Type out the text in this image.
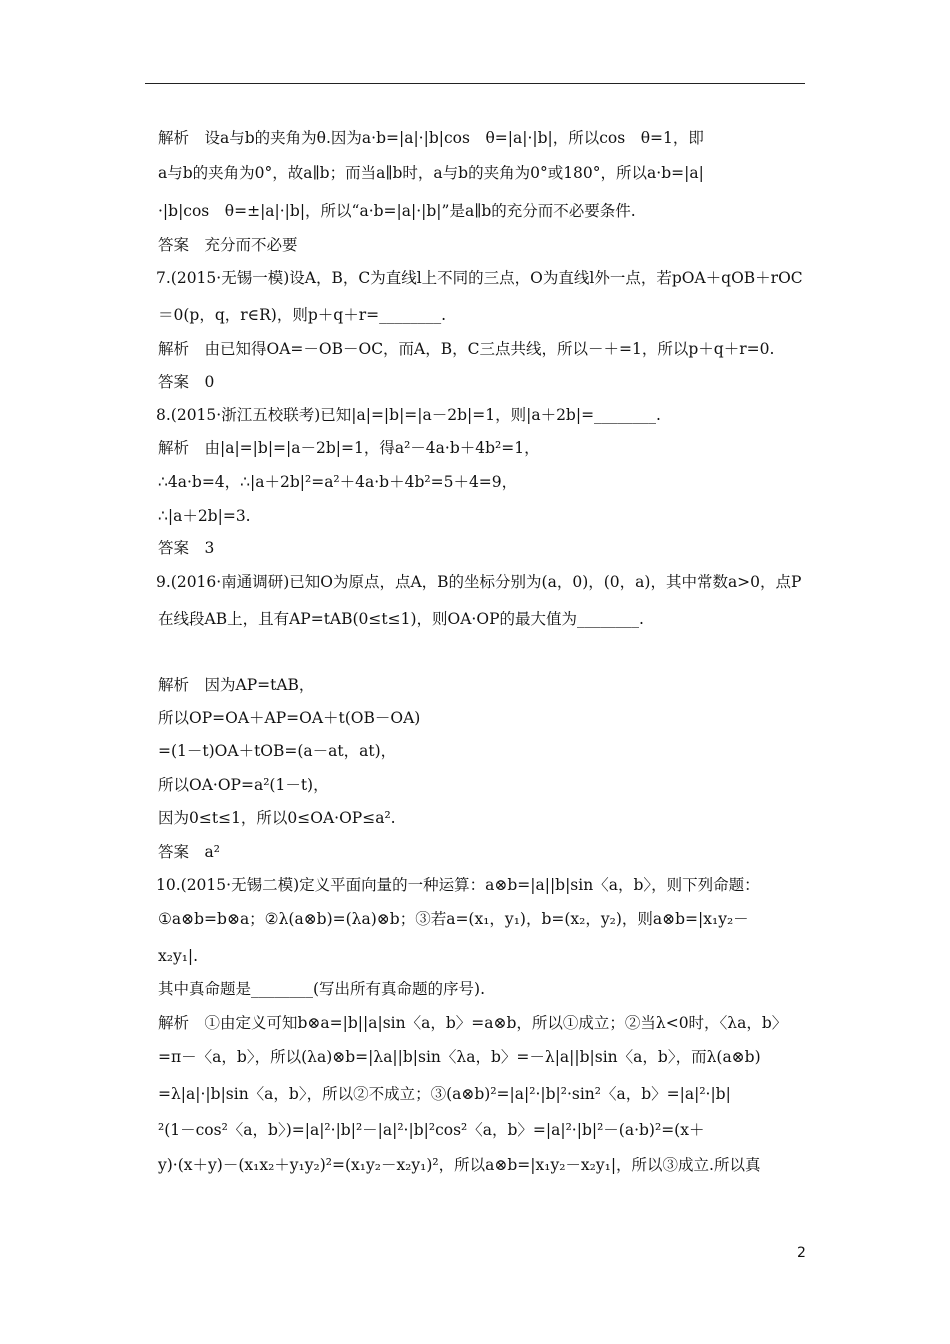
解析　设a与b的夹角为θ.因为a·b=|a|·|b|cos　θ=|a|·|b|，所以cos　θ=1，即
a与b的夹角为0°，故a∥b；而当a∥b时，a与b的夹角为0°或180°，所以a·b=|a|
·|b|cos　θ=±|a|·|b|，所以“a·b=|a|·|b|”是a∥b的充分而不必要条件.
答案　充分而不必要
7.(2015·无锡一模)设A，B，C为直线l上不同的三点，O为直线l外一点，若pOA＋qOB＋rOC
＝0(p，q，r∈R)，则p＋q＋r=________.
解析　由已知得OA=－OB－OC，而A，B，C三点共线，所以－＋=1，所以p＋q＋r=0.
答案　0
8.(2015·浙江五校联考)已知|a|=|b|=|a－2b|=1，则|a＋2b|=________.
解析　由|a|=|b|=|a－2b|=1，得a²－4a·b＋4b²=1，
∴4a·b=4，∴|a＋2b|²=a²＋4a·b＋4b²=5＋4=9，
∴|a＋2b|=3.
答案　3
9.(2016·南通调研)已知O为原点，点A，B的坐标分别为(a，0)，(0，a)，其中常数a>0，点P
在线段AB上，且有AP=tAB(0≤t≤1)，则OA·OP的最大值为________.
解析　因为AP=tAB，
所以OP=OA＋AP=OA＋t(OB－OA)
=(1－t)OA＋tOB=(a－at，at)，
所以OA·OP=a²(1－t)，
因为0≤t≤1，所以0≤OA·OP≤a².
答案　a²
10.(2015·无锡二模)定义平面向量的一种运算：a⊗b=|a||b|sin〈a，b〉，则下列命题：
①a⊗b=b⊗a；②λ(a⊗b)=(λa)⊗b；③若a=(x₁，y₁)，b=(x₂，y₂)，则a⊗b=|x₁y₂－
x₂y₁|.
其中真命题是________(写出所有真命题的序号).
解析　①由定义可知b⊗a=|b||a|sin〈a，b〉=a⊗b，所以①成立；②当λ<0时，〈λa，b〉
=π－〈a，b〉，所以(λa)⊗b=|λa||b|sin〈λa，b〉=－λ|a||b|sin〈a，b〉，而λ(a⊗b)
=λ|a|·|b|sin〈a，b〉，所以②不成立；③(a⊗b)²=|a|²·|b|²·sin²〈a，b〉=|a|²·|b|
²(1－cos²〈a，b〉)=|a|²·|b|²－|a|²·|b|²cos²〈a，b〉=|a|²·|b|²－(a·b)²=(x＋
y)·(x＋y)－(x₁x₂＋y₁y₂)²=(x₁y₂－x₂y₁)²，所以a⊗b=|x₁y₂－x₂y₁|，所以③成立.所以真
2
